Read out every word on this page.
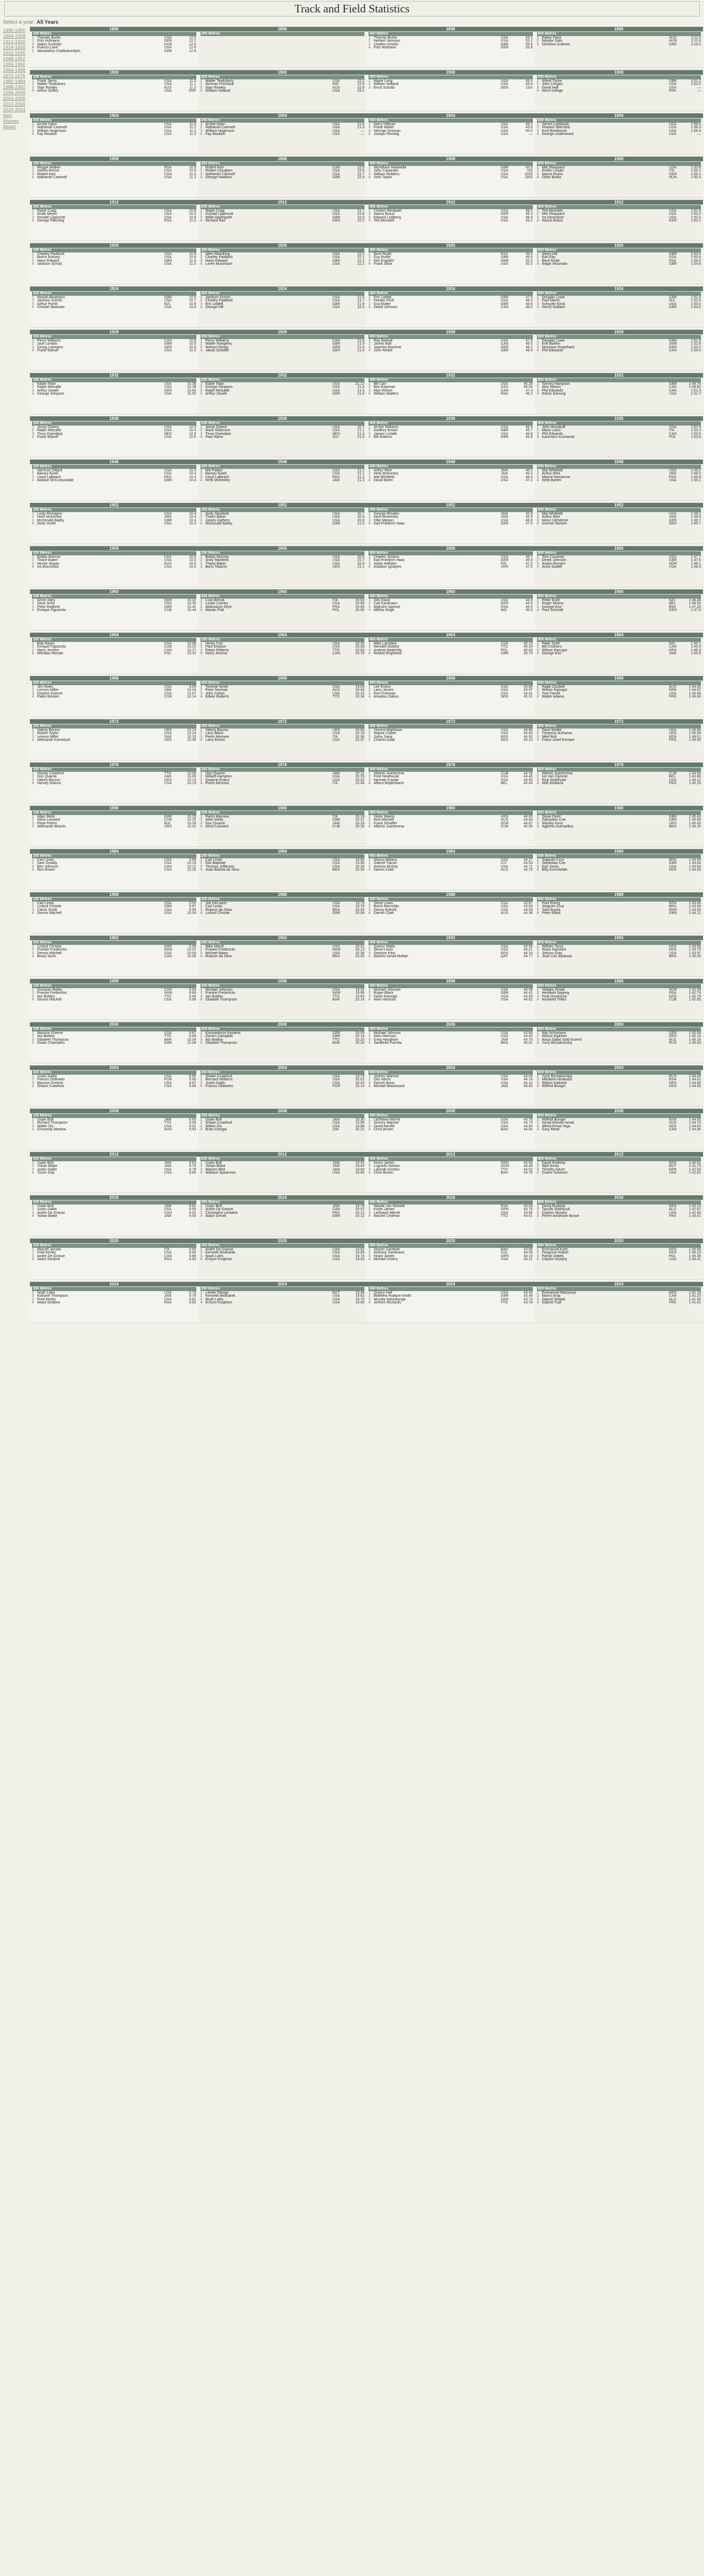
Track and Field Statistics
Select a year: All Years
1896-1900
1904-1908
1912-1920
1924-1928
1932-1936
1948-1952
1956-1960
1964-1968
1972-1976
1980-1984
1988-1992
1996-2000
2004-2008
2012-2016
2020-2024
Men
Women
Mixed
1896	1896	1896	1896
100 Metres
1 Thomas Burke	USA	12.0
2 Fritz Hofmann	GER	12.2
3 Alajos Szokolyi	HUN	12.6
4 Francis Lane	USA	12.6
5 Alexandros Chalkokondylis	GRE	12.6
200 Metres	400 Metres
1 Thomas Burke	USA	54.2
2 Herbert Jamison	USA	55.2
3 Charles Gmelin	GBR	55.6
4 Fritz Hofmann	GER	55.6
800 Metres
1 Edwin Flack	AUS	2:11.0
2 Nándor Dáni	HUN	2:11.8
3 Dimitrios Golemis	GRE	2:19.0
1900	1900	1900	1900
100 Metres
1 Frank Jarvis	USA	11.0
2 Walter Tewksbury	USA	11.1
3 Stan Rowley	AUS	11.2
4 Arthur Duffey	USA	DNF
200 Metres
1 Walter Tewksbury	USA	22.2
2 Norman Pritchard	IND	22.8
3 Stan Rowley	AUS	22.9
4 William Holland	USA	23.2
400 Metres
1 Maxie Long	USA	49.4
2 William Holland	USA	49.6
3 Ernst Schultz	DEN	15m
800 Metres
1 Alfred Tysoe	GBR	2:01.2
2 John Cregan	USA	2:03.0
3 David Hall	USA	—
4 Henri Deloge	FRA	—
1904	1904	1904	1904
100 Metres
1 Archie Hahn	USA	11.0
2 Nathaniel Cartmell	USA	11.2
3 William Hogenson	USA	11.2
4 Fay Moulton	USA	11.3
200 Metres
1 Archie Hahn	USA	21.6
2 Nathaniel Cartmell	USA	21.9
3 William Hogenson	USA	—
4 Fay Moulton	USA	—
400 Metres
1 Harry Hillman	USA	49.2
2 Frank Waller	USA	49.9
3 Herman Groman	USA	50.0
4 Joseph Fleming	USA	—
800 Metres
1 James Lightbody	USA	1:56.0
2 Howard Valentine	USA	1:56.3
3 Emil Breitkreutz	USA	1:56.4
4 George Underwood	USA	—
1908	1908	1908	1908
100 Metres
1 Reggie Walker	RSA	10.8
2 James Rector	USA	10.9
3 Robert Kerr	CAN	11.0
4 Nathaniel Cartmell	USA	11.2
200 Metres
1 Robert Kerr	CAN	22.6
2 Robert Cloughen	USA	22.6
3 Nathaniel Cartmell	USA	22.7
4 George Hawkins	GBR	22.9
400 Metres
1 Wyndham Halswelle	GBR	50.0
2 John Carpenter	USA	DQ
3 William Robbins	USA	DNS
4 John Taylor	USA	DNS
800 Metres
1 Mel Sheppard	USA	1:52.8
2 Emilio Lunghi	ITA	1:54.2
3 Hanns Braun	GER	1:55.2
4 Ödön Bodor	HUN	1:55.4
1912	1912	1912	1912
100 Metres
1 Ralph Craig	USA	10.8
2 Alvah Meyer	USA	10.9
3 Donald Lippincott	USA	10.9
4 George Patching	RSA	11.0
200 Metres
1 Ralph Craig	USA	21.7
2 Donald Lippincott	USA	21.8
3 Willie Applegarth	GBR	22.0
4 Richard Rau	GER	22.2
400 Metres
1 Charles Reidpath	USA	48.2
2 Hanns Braun	GER	48.3
3 Edward Lindberg	USA	48.4
4 Ted Meredith	USA	49.2
800 Metres
1 Ted Meredith	USA	1:51.9
2 Mel Sheppard	USA	1:52.0
3 Ira Davenport	USA	1:52.0
4 Hanns Braun	GER	1:52.2
1920	1920	1920	1920
100 Metres
1 Charley Paddock	USA	10.8
2 Morris Kirksey	USA	10.8
3 Harry Edward	GBR	11.0
4 Jackson Scholz	USA	11.0
200 Metres
1 Allen Woodring	USA	22.0
2 Charley Paddock	USA	22.1
3 Harry Edward	GBR	22.2
4 Loren Murchison	USA	22.2
400 Metres
1 Bevil Rudd	RSA	49.6
2 Guy Butler	GBR	49.9
3 Nils Engdahl	SWE	50.0
4 Frank Shea	USA	50.2
800 Metres
1 Albert Hill	GBR	1:53.4
2 Earl Eby	USA	1:53.6
3 Bevil Rudd	RSA	1:54.0
4 Edgar Mountain	GBR	1:54.6
1924	1924	1924	1924
100 Metres
1 Harold Abrahams	GBR	10.6
2 Jackson Scholz	USA	10.7
3 Arthur Porritt	NZL	10.8
4 Chester Bowman	USA	10.9
200 Metres
1 Jackson Scholz	USA	21.6
2 Charley Paddock	USA	21.7
3 Eric Liddell	GBR	21.9
4 George Hill	USA	22.0
400 Metres
1 Eric Liddell	GBR	47.6
2 Horatio Fitch	USA	48.4
3 Guy Butler	GBR	48.6
4 David Johnson	CAN	48.8
800 Metres
1 Douglas Lowe	GBR	1:52.4
2 Paul Martin	SUI	1:52.6
3 Schuyler Enck	USA	1:53.0
4 Henry Stallard	GBR	1:53.0
1928	1928	1928	1928
100 Metres
1 Percy Williams	CAN	10.8
2 Jack London	GBR	10.9
3 Georg Lammers	GER	10.9
4 Frank Wykoff	USA	11.0
200 Metres
1 Percy Williams	CAN	21.8
2 Walter Rangeley	GBR	21.9
3 Helmut Körnig	GER	21.9
4 Jakob Schüller	GER	21.9
400 Metres
1 Ray Barbuti	USA	47.8
2 James Ball	CAN	48.0
3 Joachim Büchner	GER	48.2
4 John Rinkel	GBR	48.4
800 Metres
1 Douglas Lowe	GBR	1:51.8
2 Erik Byléhn	SWE	1:52.8
3 Hermann Engelhard	GER	1:53.2
4 Phil Edwards	CAN	1:54.0
1932	1932	1932	1932
100 Metres
1 Eddie Tolan	USA	10.38
2 Ralph Metcalfe	USA	10.38
3 Arthur Jonath	GER	10.50
4 George Simpson	USA	10.53
200 Metres
1 Eddie Tolan	USA	21.12
2 George Simpson	USA	21.4
3 Ralph Metcalfe	USA	21.5
4 Arthur Jonath	GER	21.6
400 Metres
1 Bill Carr	USA	46.28
2 Ben Eastman	USA	46.50
3 Alex Wilson	CAN	47.4
4 William Walters	RSA	48.2
800 Metres
1 Tommy Hampson	GBR	1:49.70
2 Alex Wilson	CAN	1:49.80
3 Phil Edwards	CAN	1:51.5
4 Edwin Genung	USA	1:51.7
1936	1936	1936	1936
100 Metres
1 Jesse Owens	USA	10.3
2 Ralph Metcalfe	USA	10.4
3 Tinus Osendarp	NED	10.5
4 Frank Wykoff	USA	10.6
200 Metres
1 Jesse Owens	USA	20.7
2 Mack Robinson	USA	21.1
3 Tinus Osendarp	NED	21.3
4 Paul Hänni	SUI	21.6
400 Metres
1 Archie Williams	USA	46.5
2 Godfrey Brown	GBR	46.7
3 James LuValle	USA	46.8
4 Bill Roberts	GBR	46.8
800 Metres
1 John Woodruff	USA	1:52.9
2 Mario Lanzi	ITA	1:53.3
3 Phil Edwards	CAN	1:53.6
4 Kazimierz Kucharski	POL	1:53.8
1948	1948	1948	1948
100 Metres
1 Harrison Dillard	USA	10.3
2 Barney Ewell	USA	10.4
3 Lloyd LaBeach	PAN	10.4
4 Alastair McCorquodale	GBR	10.4
200 Metres
1 Mel Patton	USA	21.1
2 Barney Ewell	USA	21.1
3 Lloyd LaBeach	PAN	21.2
4 Herb McKenley	JAM	21.3
400 Metres
1 Arthur Wint	JAM	46.2
2 Herb McKenley	JAM	46.4
3 Mal Whitfield	USA	46.6
4 David Bolen	USA	47.2
800 Metres
1 Mal Whitfield	USA	1:49.2
2 Arthur Wint	JAM	1:49.5
3 Marcel Hansenne	FRA	1:49.8
4 Herb Barten	USA	1:50.1
1952	1952	1952	1952
100 Metres
1 Lindy Remigino	USA	10.4
2 Herb McKenley	JAM	10.4
3 McDonald Bailey	GBR	10.4
4 Dean Smith	USA	10.4
200 Metres
1 Andy Stanfield	USA	20.7
2 Thane Baker	USA	20.8
3 James Gathers	USA	20.8
4 McDonald Bailey	GBR	21.0
400 Metres
1 George Rhoden	JAM	45.9
2 Herb McKenley	JAM	45.9
3 Ollie Matson	USA	46.8
4 Karl-Friedrich Haas	GER	47.0
800 Metres
1 Mal Whitfield	USA	1:49.2
2 Arthur Wint	JAM	1:49.4
3 Heinz Ulzheimer	GER	1:49.7
4 Gunnar Nielsen	DEN	1:49.7
1956	1956	1956	1956
100 Metres
1 Bobby Morrow	USA	10.5
2 Thane Baker	USA	10.5
3 Hector Hogan	AUS	10.6
4 Ira Murchison	USA	10.6
200 Metres
1 Bobby Morrow	USA	20.6
2 Andy Stanfield	USA	20.7
3 Thane Baker	USA	20.9
4 Boris Tokarev	URS	21.1
400 Metres
1 Charles Jenkins	USA	46.7
2 Karl-Friedrich Haas	GER	46.8
3 Voitto Hellsten	FIN	47.0
4 Ardalion Ignatyev	URS	47.0
800 Metres
1 Tom Courtney	USA	1:47.7
2 Derek Johnson	GBR	1:47.8
3 Audun Boysen	NOR	1:48.1
4 Arnie Sowell	USA	1:48.3
1960	1960	1960	1960
100 Metres
1 Armin Hary	GER	10.32
2 Dave Sime	USA	10.35
3 Peter Radford	GBR	10.42
4 Enrique Figuerola	CUB	10.44
200 Metres
1 Livio Berruti	ITA	20.62
2 Lester Carney	USA	20.69
3 Abdoulaye Seye	FRA	20.83
4 Marian Foik	POL	20.90
400 Metres
1 Otis Davis	USA	44.9
2 Carl Kaufmann	GER	44.9
3 Malcolm Spence	RSA	45.5
4 Milkha Singh	IND	45.6
800 Metres
1 Peter Snell	NZL	1:46.48
2 Roger Moens	BEL	1:46.55
3 George Kerr	BWI	1:47.25
4 Paul Schmidt	GER	1:47.6
1964	1964	1964	1964
100 Metres
1 Bob Hayes	USA	10.06
2 Enrique Figuerola	CUB	10.25
3 Harry Jerome	CAN	10.27
4 Wiesław Maniak	POL	10.42
200 Metres
1 Henry Carr	USA	20.36
2 Paul Drayton	USA	20.58
3 Edwin Roberts	TTO	20.63
4 Harry Jerome	CAN	20.79
400 Metres
1 Mike Larrabee	USA	45.15
2 Wendell Mottley	TTO	45.24
3 Andrzej Badeński	POL	45.64
4 Robbie Brightwell	GBR	45.75
800 Metres
1 Peter Snell	NZL	1:45.1
2 Bill Crothers	CAN	1:45.6
3 Wilson Kiprugut	KEN	1:45.9
4 George Kerr	JAM	1:45.9
1968	1968	1968	1968
100 Metres
1 Jim Hines	USA	9.95
2 Lennox Miller	JAM	10.04
3 Charles Greene	USA	10.07
4 Pablo Montes	CUB	10.14
200 Metres
1 Tommie Smith	USA	19.83
2 Peter Norman	AUS	20.06
3 John Carlos	USA	20.10
4 Edwin Roberts	TTO	20.34
400 Metres
1 Lee Evans	USA	43.86
2 Larry James	USA	43.97
3 Ron Freeman	USA	44.41
4 Amadou Gakou	SEN	45.01
800 Metres
1 Ralph Doubell	AUS	1:44.40
2 Wilson Kiprugut	KEN	1:44.57
3 Tom Farrell	USA	1:45.46
4 Walter Adams	FRG	1:45.83
1972	1972	1972	1972
100 Metres
1 Valeriy Borzov	URS	10.14
2 Robert Taylor	USA	10.24
3 Lennox Miller	JAM	10.33
4 Aleksandr Kornelyuk	URS	10.36
200 Metres
1 Valeriy Borzov	URS	20.00
2 Larry Black	USA	20.19
3 Pietro Mennea	ITA	20.30
4 Larry Burton	USA	20.37
400 Metres
1 Vincent Matthews	USA	44.66
2 Wayne Collett	USA	44.80
3 Julius Sang	KEN	44.92
4 Charles Asati	KEN	45.13
800 Metres
1 Dave Wottle	USA	1:45.86
2 Yevgeniy Arzhanov	URS	1:45.89
3 Mike Boit	KEN	1:46.01
4 Franz-Josef Kemper	FRG	1:46.50
1976	1976	1976	1976
100 Metres
1 Hasely Crawford	TTO	10.06
2 Don Quarrie	JAM	10.08
3 Valeriy Borzov	URS	10.14
4 Harvey Glance	USA	10.19
200 Metres
1 Don Quarrie	JAM	20.22
2 Millard Hampton	USA	20.29
3 Dwayne Evans	USA	20.43
4 Pietro Mennea	ITA	20.54
400 Metres
1 Alberto Juantorena	CUB	44.26
2 Fred Newhouse	USA	44.40
3 Herman Frazier	USA	44.95
4 Alfons Brijdenbach	BEL	45.04
800 Metres
1 Alberto Juantorena	CUB	1:43.50
2 Ivo Van Damme	BEL	1:43.86
3 Rick Wohlhuter	USA	1:44.12
4 Willi Wülbeck	FRG	1:45.26
1980	1980	1980	1980
100 Metres
1 Allan Wells	GBR	10.25
2 Silvio Leonard	CUB	10.25
3 Petar Petrov	BUL	10.39
4 Aleksandr Aksinin	URS	10.42
200 Metres
1 Pietro Mennea	ITA	20.19
2 Allan Wells	GBR	20.21
3 Don Quarrie	JAM	20.29
4 Silvio Leonard	CUB	20.30
400 Metres
1 Viktor Markin	URS	44.60
2 Rick Mitchell	AUS	44.84
3 Frank Schaffer	GDR	44.87
4 Alberto Juantorena	CUB	45.09
800 Metres
1 Steve Ovett	GBR	1:45.40
2 Sebastian Coe	GBR	1:45.85
3 Nikolay Kirov	URS	1:46.00
4 Agberto Guimarães	BRA	1:46.20
1984	1984	1984	1984
100 Metres
1 Carl Lewis	USA	9.99
2 Sam Graddy	USA	10.19
3 Ben Johnson	CAN	10.22
4 Ron Brown	USA	10.26
200 Metres
1 Carl Lewis	USA	19.80
2 Kirk Baptiste	USA	19.96
3 Thomas Jefferson	USA	20.26
4 Joao Batista da Silva	BRA	20.30
400 Metres
1 Alonzo Babers	USA	44.27
2 Gabriel Tiacoh	CIV	44.54
3 Antonio McKay	USA	44.71
4 Darren Clark	AUS	44.75
800 Metres
1 Joaquim Cruz	BRA	1:43.00
2 Sebastian Coe	GBR	1:43.64
3 Earl Jones	USA	1:43.83
4 Billy Konchellah	KEN	1:44.03
1988	1988	1988	1988
100 Metres
1 Carl Lewis	USA	9.92
2 Linford Christie	GBR	9.97
3 Calvin Smith	USA	9.99
4 Dennis Mitchell	USA	10.04
200 Metres
1 Joe DeLoach	USA	19.75
2 Carl Lewis	USA	19.79
3 Robson da Silva	BRA	20.04
4 Linford Christie	GBR	20.09
400 Metres
1 Steve Lewis	USA	43.87
2 Butch Reynolds	USA	43.93
3 Danny Everett	USA	44.09
4 Darren Clark	AUS	44.38
800 Metres
1 Paul Ereng	KEN	1:43.45
2 Joaquim Cruz	BRA	1:43.90
3 Saïd Aouita	MAR	1:44.06
4 Peter Elliott	GBR	1:44.12
1992	1992	1992	1992
100 Metres
1 Linford Christie	GBR	9.96
2 Frankie Fredericks	NAM	10.02
3 Dennis Mitchell	USA	10.04
4 Bruny Surin	CAN	10.09
200 Metres
1 Mike Marsh	USA	20.01
2 Frankie Fredericks	NAM	20.13
3 Michael Bates	USA	20.38
4 Robson da Silva	BRA	20.45
400 Metres
1 Quincy Watts	USA	43.50
2 Steve Lewis	USA	44.21
3 Samson Kitur	KEN	44.24
4 Ibrahim Ismail Muftah	QAT	44.77
800 Metres
1 William Tanui	KEN	1:43.66
2 Nixon Kiprotich	KEN	1:43.70
3 Johnny Gray	USA	1:43.97
4 José Luíz Barbosa	BRA	1:45.06
1996	1996	1996	1996
100 Metres
1 Donovan Bailey	CAN	9.84
2 Frankie Fredericks	NAM	9.89
3 Ato Boldon	TTO	9.90
4 Dennis Mitchell	USA	9.99
200 Metres
1 Michael Johnson	USA	19.32
2 Frankie Fredericks	NAM	19.68
3 Ato Boldon	TTO	19.80
4 Obadele Thompson	BAR	20.14
400 Metres
1 Michael Johnson	USA	43.49
2 Roger Black	GBR	44.41
3 Davis Kamoga	UGA	44.53
4 Alvin Harrison	USA	44.62
800 Metres
1 Vebjørn Rodal	NOR	1:42.58
2 Hezekiél Sepeng	RSA	1:42.74
3 Fred Onyancha	KEN	1:42.79
4 Norberto Téllez	CUB	1:42.85
2000	2000	2000	2000
100 Metres
1 Maurice Greene	USA	9.87
2 Ato Boldon	TTO	9.99
3 Obadele Thompson	BAR	10.04
4 Dwain Chambers	GBR	10.08
200 Metres
1 Konstantinos Kenteris	GRE	20.09
2 Darren Campbell	GBR	20.14
3 Ato Boldon	TTO	20.20
4 Obadele Thompson	BAR	20.20
400 Metres
1 Michael Johnson	USA	43.84
2 Alvin Harrison	USA	44.40
3 Greg Haughton	JAM	44.70
4 Sanderlei Parrela	BRA	45.01
800 Metres
1 Nils Schumann	GER	1:45.08
2 Wilson Kipketer	DEN	1:45.14
3 Aissa Djabir Saïd-Guerni	ALG	1:45.16
4 Yuriy Borzakovskiy	RUS	1:45.83
2004	2004	2004	2004
100 Metres
1 Justin Gatlin	USA	9.85
2 Francis Obikwelu	POR	9.86
3 Maurice Greene	USA	9.87
4 Shawn Crawford	USA	9.89
200 Metres
1 Shawn Crawford	USA	19.79
2 Bernard Williams	USA	20.01
3 Justin Gatlin	USA	20.03
4 Francis Obikwelu	POR	20.14
400 Metres
1 Jeremy Wariner	USA	44.00
2 Otis Harris	USA	44.16
3 Derrick Brew	USA	44.42
4 Michael Blackwood	JAM	44.60
800 Metres
1 Yuriy Borzakovskiy	RUS	1:44.45
2 Mbulaeni Mulaudzi	RSA	1:44.61
3 Wilson Kipketer	DEN	1:44.65
4 Wilfred Bungei	KEN	1:44.65
2008	2008	2008	2008
100 Metres
1 Usain Bolt	JAM	9.69
2 Richard Thompson	TTO	9.89
3 Walter Dix	USA	9.91
4 Churandy Martina	AHO	9.93
200 Metres
1 Usain Bolt	JAM	19.30
2 Shawn Crawford	USA	19.96
3 Walter Dix	USA	19.98
4 Brian Dzingai	ZIM	20.22
400 Metres
1 LaShawn Merritt	USA	43.75
2 Jeremy Wariner	USA	44.74
3 David Neville	USA	44.80
4 Chris Brown	BAH	44.84
800 Metres
1 Wilfred Bungei	KEN	1:44.65
2 Ismail Ahmed Ismail	SUD	1:44.70
3 Alfred Kirwa Yego	KEN	1:44.82
4 Gary Reed	CAN	1:44.94
2012	2012	2012	2012
100 Metres
1 Usain Bolt	JAM	9.63
2 Yohan Blake	JAM	9.75
3 Justin Gatlin	USA	9.79
4 Tyson Gay	USA	9.80
200 Metres
1 Usain Bolt	JAM	19.32
2 Yohan Blake	JAM	19.44
3 Warren Weir	JAM	19.84
4 Wallace Spearmon	USA	19.90
400 Metres
1 Kirani James	GRN	43.94
2 Luguelín Santos	DOM	44.46
3 Lalonde Gordon	TTO	44.52
4 Chris Brown	BAH	44.79
800 Metres
1 David Rudisha	KEN	1:40.91
2 Nijel Amos	BOT	1:41.73
3 Timothy Kitum	KEN	1:42.53
4 Duane Solomon	USA	1:42.82
2016	2016	2016	2016
100 Metres
1 Usain Bolt	JAM	9.81
2 Justin Gatlin	USA	9.89
3 Andre De Grasse	CAN	9.91
4 Yohan Blake	JAM	9.93
200 Metres
1 Usain Bolt	JAM	19.78
2 Andre De Grasse	CAN	20.02
3 Christophe Lemaitre	FRA	20.12
4 Adam Gemili	GBR	20.12
400 Metres
1 Wayde van Niekerk	RSA	43.03
2 Kirani James	GRN	43.76
3 LaShawn Merritt	USA	43.85
4 Machel Cedenio	TTO	44.01
800 Metres
1 David Rudisha	KEN	1:42.15
2 Taoufik Makhloufi	ALG	1:42.61
3 Clayton Murphy	USA	1:42.93
4 Pierre-Ambroise Bosse	FRA	1:43.41
2020	2020	2020	2020
100 Metres
1 Marcell Jacobs	ITA	9.80
2 Fred Kerley	USA	9.84
3 Andre De Grasse	CAN	9.89
4 Akani Simbine	RSA	9.93
200 Metres
1 Andre De Grasse	CAN	19.62
2 Kenneth Bednarek	USA	19.68
3 Noah Lyles	USA	19.74
4 Erriyon Knighton	USA	19.93
400 Metres
1 Steven Gardiner	BAH	43.85
2 Anthony Zambrano	COL	44.08
3 Kirani James	GRN	44.19
4 Michael Cherry	USA	44.21
800 Metres
1 Emmanuel Korir	KEN	1:45.06
2 Ferguson Rotich	KEN	1:45.23
3 Patryk Dobek	POL	1:45.39
4 Clayton Murphy	USA	1:45.41
2024	2024	2024	2024
100 Metres
1 Noah Lyles	USA	9.79
2 Kishane Thompson	JAM	9.79
3 Fred Kerley	USA	9.81
4 Akani Simbine	RSA	9.82
200 Metres
1 Letsile Tebogo	BOT	19.46
2 Kenneth Bednarek	USA	19.62
3 Noah Lyles	USA	19.70
4 Erriyon Knighton	USA	19.99
400 Metres
1 Quincy Hall	USA	43.40
2 Matthew Hudson-Smith	GBR	43.44
3 Muzala Samukonga	ZAM	43.74
4 Jereem Richards	TTO	43.78
800 Metres
1 Emmanuel Wanyonyi	KEN	1:41.19
2 Marco Arop	CAN	1:41.20
3 Djamel Sedjati	ALG	1:41.50
4 Gabriel Tual	FRA	1:41.61
